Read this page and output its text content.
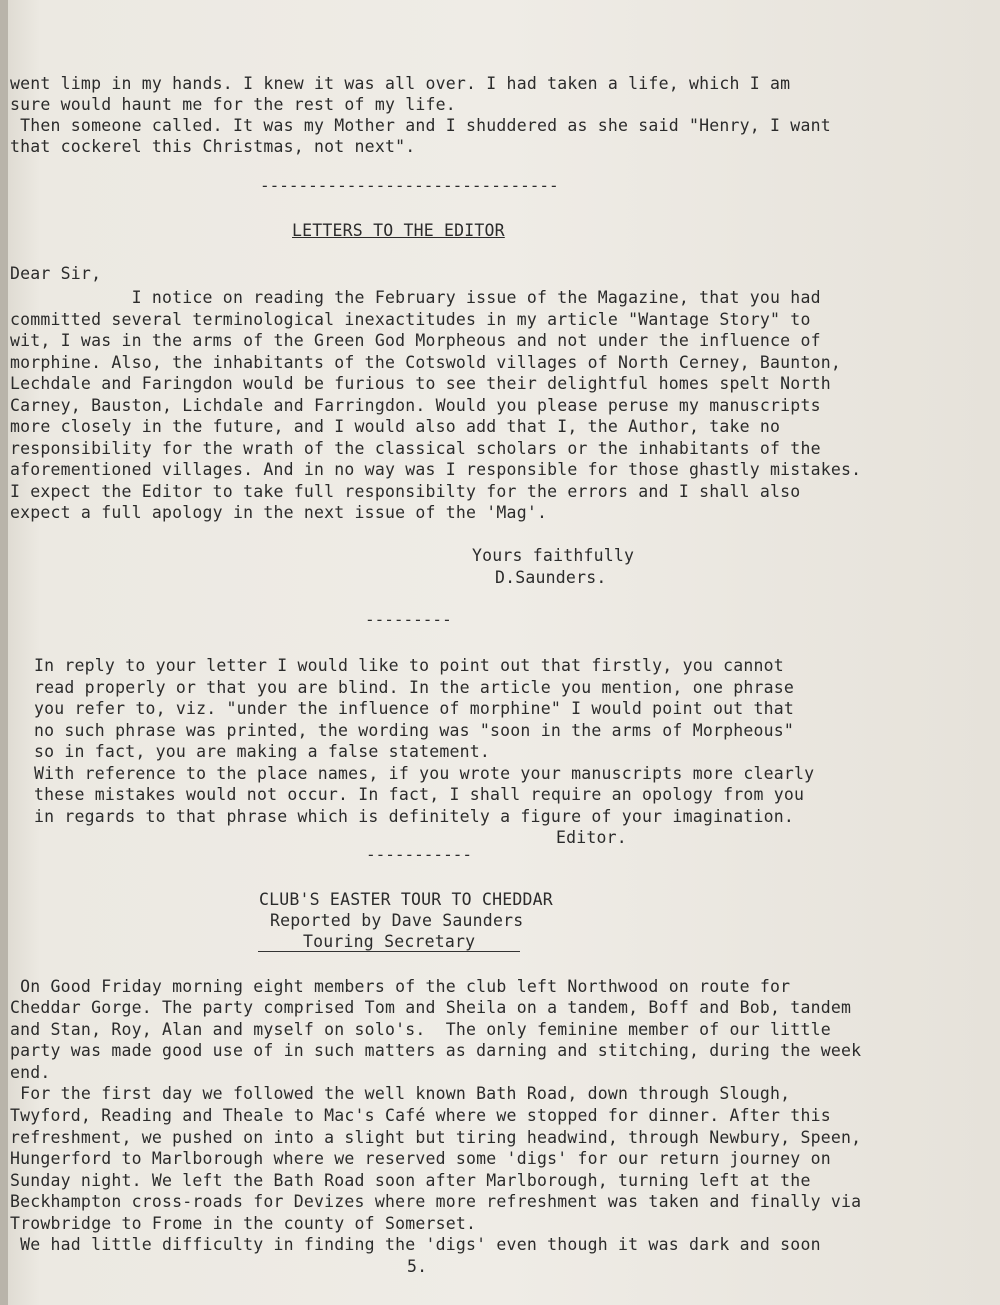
went limp in my hands. I knew it was all over. I had taken a life, which I am
sure would haunt me for the rest of my life.
Then someone called. It was my Mother and I shuddered as she said "Henry, I want
that cockerel this Christmas, not next".
-------------------------------
LETTERS TO THE EDITOR
Dear Sir,
I notice on reading the February issue of the Magazine, that you had
committed several terminological inexactitudes in my article "Wantage Story" to
wit, I was in the arms of the Green God Morpheous and not under the influence of
morphine. Also, the inhabitants of the Cotswold villages of North Cerney, Baunton,
Lechdale and Faringdon would be furious to see their delightful homes spelt North
Carney, Bauston, Lichdale and Farringdon. Would you please peruse my manuscripts
more closely in the future, and I would also add that I, the Author, take no
responsibility for the wrath of the classical scholars or the inhabitants of the
aforementioned villages. And in no way was I responsible for those ghastly mistakes.
I expect the Editor to take full responsibilty for the errors and I shall also
expect a full apology in the next issue of the 'Mag'.
Yours faithfully
D.Saunders.
---------
In reply to your letter I would like to point out that firstly, you cannot
read properly or that you are blind. In the article you mention, one phrase
you refer to, viz. "under the influence of morphine" I would point out that
no such phrase was printed, the wording was "soon in the arms of Morpheous"
so in fact, you are making a false statement.
With reference to the place names, if you wrote your manuscripts more clearly
these mistakes would not occur. In fact, I shall require an opology from you
in regards to that phrase which is definitely a figure of your imagination.
Editor.
-----------
CLUB'S EASTER TOUR TO CHEDDAR
Reported by Dave Saunders
Touring Secretary
On Good Friday morning eight members of the club left Northwood on route for
Cheddar Gorge. The party comprised Tom and Sheila on a tandem, Boff and Bob, tandem
and Stan, Roy, Alan and myself on solo's.  The only feminine member of our little
party was made good use of in such matters as darning and stitching, during the week
end.
For the first day we followed the well known Bath Road, down through Slough,
Twyford, Reading and Theale to Mac's Café where we stopped for dinner. After this
refreshment, we pushed on into a slight but tiring headwind, through Newbury, Speen,
Hungerford to Marlborough where we reserved some 'digs' for our return journey on
Sunday night. We left the Bath Road soon after Marlborough, turning left at the
Beckhampton cross-roads for Devizes where more refreshment was taken and finally via
Trowbridge to Frome in the county of Somerset.
We had little difficulty in finding the 'digs' even though it was dark and soon
5.
